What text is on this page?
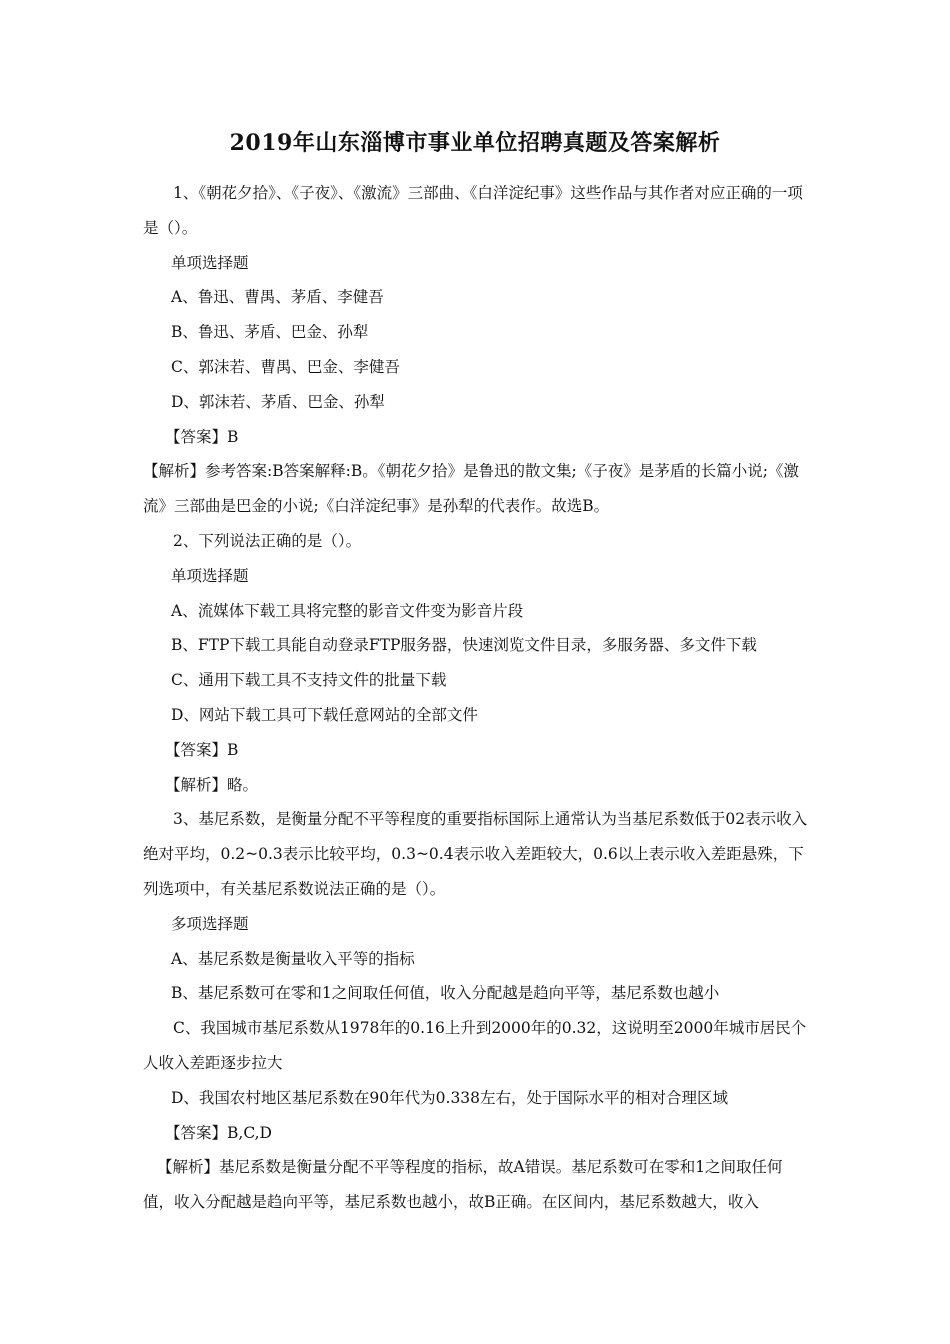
2019年山东淄博市事业单位招聘真题及答案解析

1、《朝花夕拾》、《子夜》、《激流》三部曲、《白洋淀纪事》这些作品与其作者对应正确的一项是（）。

单项选择题

A、鲁迅、曹禺、茅盾、李健吾

B、鲁迅、茅盾、巴金、孙犁

C、郭沫若、曹禺、巴金、李健吾

D、郭沫若、茅盾、巴金、孙犁

【答案】B

【解析】参考答案:B答案解释:B。《朝花夕拾》是鲁迅的散文集;《子夜》是茅盾的长篇小说;《激流》三部曲是巴金的小说;《白洋淀纪事》是孙犁的代表作。故选B。

2、下列说法正确的是（）。

单项选择题

A、流媒体下载工具将完整的影音文件变为影音片段

B、FTP下载工具能自动登录FTP服务器，快速浏览文件目录，多服务器、多文件下载

C、通用下载工具不支持文件的批量下载

D、网站下载工具可下载任意网站的全部文件

【答案】B

【解析】略。

3、基尼系数，是衡量分配不平等程度的重要指标国际上通常认为当基尼系数低于02表示收入绝对平均，0.2~0.3表示比较平均，0.3~0.4表示收入差距较大，0.6以上表示收入差距悬殊，下列选项中，有关基尼系数说法正确的是（）。

多项选择题

A、基尼系数是衡量收入平等的指标

B、基尼系数可在零和1之间取任何值，收入分配越是趋向平等，基尼系数也越小

C、我国城市基尼系数从1978年的0.16上升到2000年的0.32，这说明至2000年城市居民个人收入差距逐步拉大

D、我国农村地区基尼系数在90年代为0.338左右，处于国际水平的相对合理区域

【答案】B,C,D

【解析】基尼系数是衡量分配不平等程度的指标，故A错误。基尼系数可在零和1之间取任何值，收入分配越是趋向平等，基尼系数也越小，故B正确。在区间内，基尼系数越大，收入
